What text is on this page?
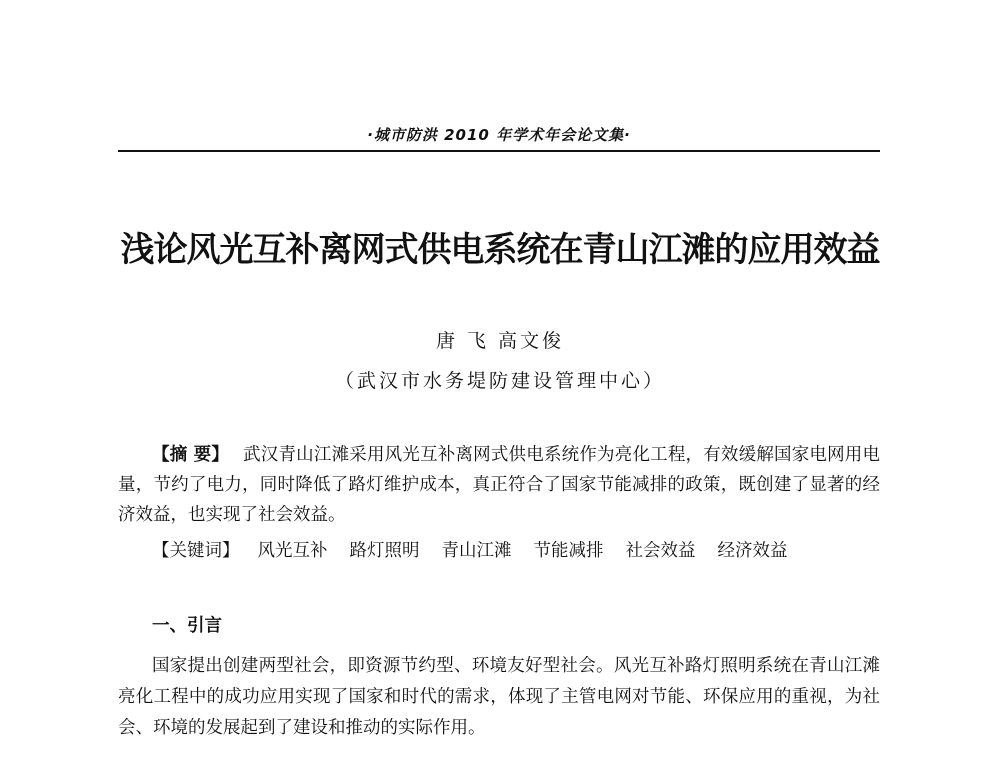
·城市防洪 2010 年学术年会论文集·
浅论风光互补离网式供电系统在青山江滩的应用效益
唐 飞 高文俊
（武汉市水务堤防建设管理中心）
【摘 要】 武汉青山江滩采用风光互补离网式供电系统作为亮化工程，有效缓解国家电网用电量，节约了电力，同时降低了路灯维护成本，真正符合了国家节能减排的政策，既创建了显著的经济效益，也实现了社会效益。
【关键词】 风光互补 路灯照明 青山江滩 节能减排 社会效益 经济效益
一、引言
国家提出创建两型社会，即资源节约型、环境友好型社会。风光互补路灯照明系统在青山江滩亮化工程中的成功应用实现了国家和时代的需求，体现了主管电网对节能、环保应用的重视，为社会、环境的发展起到了建设和推动的实际作用。
